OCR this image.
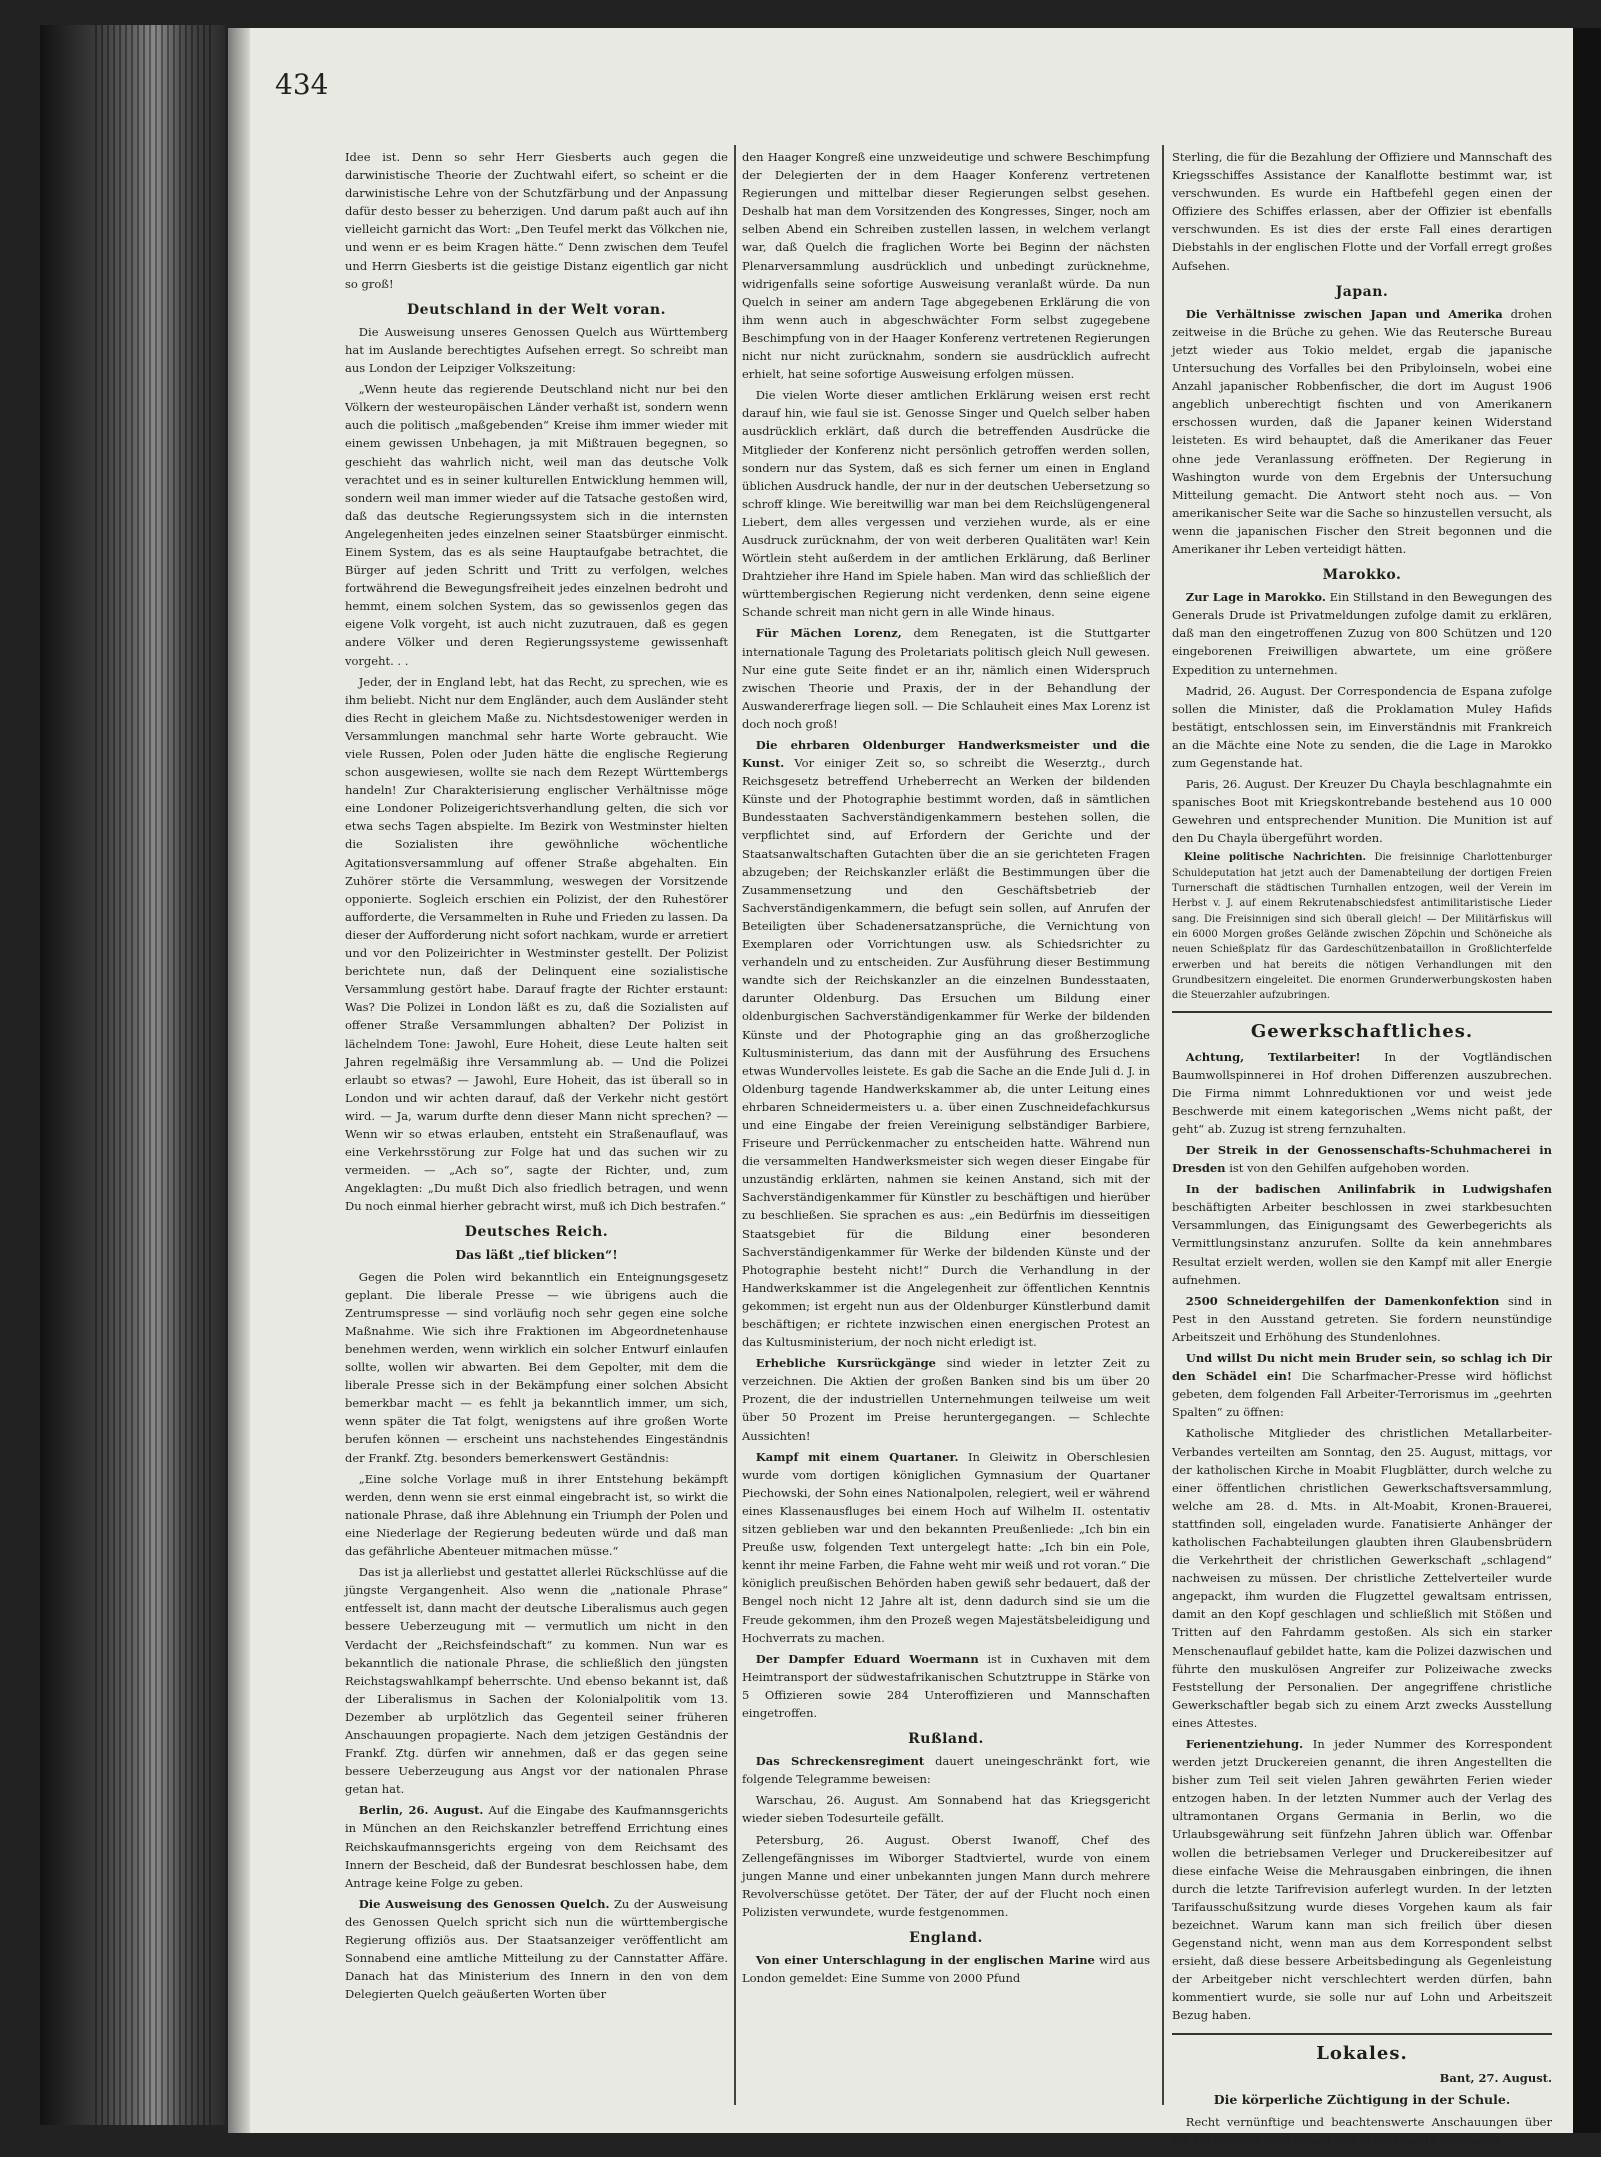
434

Idee ist. Denn so sehr Herr Giesberts auch gegen die darwinistische Theorie der Zuchtwahl eifert, so scheint er die darwinistische Lehre von der Schutzfärbung und der Anpassung dafür desto besser zu beherzigen. Und darum paßt auch auf ihn vielleicht garnicht das Wort: „Den Teufel merkt das Völkchen nie, und wenn er es beim Kragen hätte.“ Denn zwischen dem Teufel und Herrn Giesberts ist die geistige Distanz eigentlich gar nicht so groß!

Deutschland in der Welt voran.

Die Ausweisung unseres Genossen Quelch aus Württemberg hat im Auslande berechtigtes Aufsehen erregt. So schreibt man aus London der Leipziger Volkszeitung:

„Wenn heute das regierende Deutschland nicht nur bei den Völkern der westeuropäischen Länder verhaßt ist, sondern wenn auch die politisch „maßgebenden“ Kreise ihm immer wieder mit einem gewissen Unbehagen, ja mit Mißtrauen begegnen, so geschieht das wahrlich nicht, weil man das deutsche Volk verachtet und es in seiner kulturellen Entwicklung hemmen will, sondern weil man immer wieder auf die Tatsache gestoßen wird, daß das deutsche Regierungssystem sich in die internsten Angelegenheiten jedes einzelnen seiner Staatsbürger einmischt. Einem System, das es als seine Hauptaufgabe betrachtet, die Bürger auf jeden Schritt und Tritt zu verfolgen, welches fortwährend die Bewegungsfreiheit jedes einzelnen bedroht und hemmt, einem solchen System, das so gewissenlos gegen das eigene Volk vorgeht, ist auch nicht zuzutrauen, daß es gegen andere Völker und deren Regierungssysteme gewissenhaft vorgeht. . .

Jeder, der in England lebt, hat das Recht, zu sprechen, wie es ihm beliebt. Nicht nur dem Engländer, auch dem Ausländer steht dies Recht in gleichem Maße zu. Nichtsdestoweniger werden in Versammlungen manchmal sehr harte Worte gebraucht. Wie viele Russen, Polen oder Juden hätte die englische Regierung schon ausgewiesen, wollte sie nach dem Rezept Württembergs handeln! Zur Charakterisierung englischer Verhältnisse möge eine Londoner Polizeigerichtsverhandlung gelten, die sich vor etwa sechs Tagen abspielte. Im Bezirk von Westminster hielten die Sozialisten ihre gewöhnliche wöchentliche Agitationsversammlung auf offener Straße abgehalten. Ein Zuhörer störte die Versammlung, weswegen der Vorsitzende opponierte. Sogleich erschien ein Polizist, der den Ruhestörer aufforderte, die Versammelten in Ruhe und Frieden zu lassen. Da dieser der Aufforderung nicht sofort nachkam, wurde er arretiert und vor den Polizeirichter in Westminster gestellt. Der Polizist berichtete nun, daß der Delinquent eine sozialistische Versammlung gestört habe. Darauf fragte der Richter erstaunt: Was? Die Polizei in London läßt es zu, daß die Sozialisten auf offener Straße Versammlungen abhalten? Der Polizist in lächelndem Tone: Jawohl, Eure Hoheit, diese Leute halten seit Jahren regelmäßig ihre Versammlung ab. — Und die Polizei erlaubt so etwas? — Jawohl, Eure Hoheit, das ist überall so in London und wir achten darauf, daß der Verkehr nicht gestört wird. — Ja, warum durfte denn dieser Mann nicht sprechen? — Wenn wir so etwas erlauben, entsteht ein Straßenauflauf, was eine Verkehrsstörung zur Folge hat und das suchen wir zu vermeiden. — „Ach so“, sagte der Richter, und, zum Angeklagten: „Du mußt Dich also friedlich betragen, und wenn Du noch einmal hierher gebracht wirst, muß ich Dich bestrafen.“

Deutsches Reich.
Das läßt „tief blicken“!

Gegen die Polen wird bekanntlich ein Enteignungsgesetz geplant. Die liberale Presse — wie übrigens auch die Zentrumspresse — sind vorläufig noch sehr gegen eine solche Maßnahme. Wie sich ihre Fraktionen im Abgeordnetenhause benehmen werden, wenn wirklich ein solcher Entwurf einlaufen sollte, wollen wir abwarten. Bei dem Gepolter, mit dem die liberale Presse sich in der Bekämpfung einer solchen Absicht bemerkbar macht — es fehlt ja bekanntlich immer, um sich, wenn später die Tat folgt, wenigstens auf ihre großen Worte berufen können — erscheint uns nachstehendes Eingeständnis der Frankf. Ztg. besonders bemerkenswert Geständnis:

„Eine solche Vorlage muß in ihrer Entstehung bekämpft werden, denn wenn sie erst einmal eingebracht ist, so wirkt die nationale Phrase, daß ihre Ablehnung ein Triumph der Polen und eine Niederlage der Regierung bedeuten würde und daß man das gefährliche Abenteuer mitmachen müsse.“

Das ist ja allerliebst und gestattet allerlei Rückschlüsse auf die jüngste Vergangenheit. Also wenn die „nationale Phrase“ entfesselt ist, dann macht der deutsche Liberalismus auch gegen bessere Ueberzeugung mit — vermutlich um nicht in den Verdacht der „Reichsfeindschaft“ zu kommen. Nun war es bekanntlich die nationale Phrase, die schließlich den jüngsten Reichstagswahlkampf beherrschte. Und ebenso bekannt ist, daß der Liberalismus in Sachen der Kolonialpolitik vom 13. Dezember ab urplötzlich das Gegenteil seiner früheren Anschauungen propagierte. Nach dem jetzigen Geständnis der Frankf. Ztg. dürfen wir annehmen, daß er das gegen seine bessere Ueberzeugung aus Angst vor der nationalen Phrase getan hat.

Berlin, 26. August. Auf die Eingabe des Kaufmannsgerichts in München an den Reichskanzler betreffend Errichtung eines Reichskaufmannsgerichts ergeing von dem Reichsamt des Innern der Bescheid, daß der Bundesrat beschlossen habe, dem Antrage keine Folge zu geben.

Die Ausweisung des Genossen Quelch. Zu der Ausweisung des Genossen Quelch spricht sich nun die württembergische Regierung offiziös aus. Der Staatsanzeiger veröffentlicht am Sonnabend eine amtliche Mitteilung zu der Cannstatter Affäre. Danach hat das Ministerium des Innern in den von dem Delegierten Quelch geäußerten Worten über

den Haager Kongreß eine unzweideutige und schwere Beschimpfung der Delegierten der in dem Haager Konferenz vertretenen Regierungen und mittelbar dieser Regierungen selbst gesehen. Deshalb hat man dem Vorsitzenden des Kongresses, Singer, noch am selben Abend ein Schreiben zustellen lassen, in welchem verlangt war, daß Quelch die fraglichen Worte bei Beginn der nächsten Plenarversammlung ausdrücklich und unbedingt zurücknehme, widrigenfalls seine sofortige Ausweisung veranlaßt würde. Da nun Quelch in seiner am andern Tage abgegebenen Erklärung die von ihm wenn auch in abgeschwächter Form selbst zugegebene Beschimpfung von in der Haager Konferenz vertretenen Regierungen nicht nur nicht zurücknahm, sondern sie ausdrücklich aufrecht erhielt, hat seine sofortige Ausweisung erfolgen müssen.

Die vielen Worte dieser amtlichen Erklärung weisen erst recht darauf hin, wie faul sie ist. Genosse Singer und Quelch selber haben ausdrücklich erklärt, daß durch die betreffenden Ausdrücke die Mitglieder der Konferenz nicht persönlich getroffen werden sollen, sondern nur das System, daß es sich ferner um einen in England üblichen Ausdruck handle, der nur in der deutschen Uebersetzung so schroff klinge. Wie bereitwillig war man bei dem Reichslügengeneral Liebert, dem alles vergessen und verziehen wurde, als er eine Ausdruck zurücknahm, der von weit derberen Qualitäten war! Kein Wörtlein steht außerdem in der amtlichen Erklärung, daß Berliner Drahtzieher ihre Hand im Spiele haben. Man wird das schließlich der württembergischen Regierung nicht verdenken, denn seine eigene Schande schreit man nicht gern in alle Winde hinaus.

Für Mächen Lorenz, dem Renegaten, ist die Stuttgarter internationale Tagung des Proletariats politisch gleich Null gewesen. Nur eine gute Seite findet er an ihr, nämlich einen Widerspruch zwischen Theorie und Praxis, der in der Behandlung der Auswandererfrage liegen soll. — Die Schlauheit eines Max Lorenz ist doch noch groß!

Die ehrbaren Oldenburger Handwerksmeister und die Kunst. Vor einiger Zeit so, so schreibt die Weserztg., durch Reichsgesetz betreffend Urheberrecht an Werken der bildenden Künste und der Photographie bestimmt worden, daß in sämtlichen Bundesstaaten Sachverständigenkammern bestehen sollen, die verpflichtet sind, auf Erfordern der Gerichte und der Staatsanwaltschaften Gutachten über die an sie gerichteten Fragen abzugeben; der Reichskanzler erläßt die Bestimmungen über die Zusammensetzung und den Geschäftsbetrieb der Sachverständigenkammern, die befugt sein sollen, auf Anrufen der Beteiligten über Schadenersatzansprüche, die Vernichtung von Exemplaren oder Vorrichtungen usw. als Schiedsrichter zu verhandeln und zu entscheiden. Zur Ausführung dieser Bestimmung wandte sich der Reichskanzler an die einzelnen Bundesstaaten, darunter Oldenburg. Das Ersuchen um Bildung einer oldenburgischen Sachverständigenkammer für Werke der bildenden Künste und der Photographie ging an das großherzogliche Kultusministerium, das dann mit der Ausführung des Ersuchens etwas Wundervolles leistete. Es gab die Sache an die Ende Juli d. J. in Oldenburg tagende Handwerkskammer ab, die unter Leitung eines ehrbaren Schneidermeisters u. a. über einen Zuschneidefachkursus und eine Eingabe der freien Vereinigung selbständiger Barbiere, Friseure und Perrückenmacher zu entscheiden hatte. Während nun die versammelten Handwerksmeister sich wegen dieser Eingabe für unzuständig erklärten, nahmen sie keinen Anstand, sich mit der Sachverständigenkammer für Künstler zu beschäftigen und hierüber zu beschließen. Sie sprachen es aus: „ein Bedürfnis im diesseitigen Staatsgebiet für die Bildung einer besonderen Sachverständigenkammer für Werke der bildenden Künste und der Photographie besteht nicht!“ Durch die Verhandlung in der Handwerkskammer ist die Angelegenheit zur öffentlichen Kenntnis gekommen; ist ergeht nun aus der Oldenburger Künstlerbund damit beschäftigen; er richtete inzwischen einen energischen Protest an das Kultusministerium, der noch nicht erledigt ist.

Erhebliche Kursrückgänge sind wieder in letzter Zeit zu verzeichnen. Die Aktien der großen Banken sind bis um über 20 Prozent, die der industriellen Unternehmungen teilweise um weit über 50 Prozent im Preise heruntergegangen. — Schlechte Aussichten!

Kampf mit einem Quartaner. In Gleiwitz in Oberschlesien wurde vom dortigen königlichen Gymnasium der Quartaner Piechowski, der Sohn eines Nationalpolen, relegiert, weil er während eines Klassenausfluges bei einem Hoch auf Wilhelm II. ostentativ sitzen geblieben war und den bekannten Preußenliede: „Ich bin ein Preuße usw, folgenden Text untergelegt hatte: „Ich bin ein Pole, kennt ihr meine Farben, die Fahne weht mir weiß und rot voran.“ Die königlich preußischen Behörden haben gewiß sehr bedauert, daß der Bengel noch nicht 12 Jahre alt ist, denn dadurch sind sie um die Freude gekommen, ihm den Prozeß wegen Majestätsbeleidigung und Hochverrats zu machen.

Der Dampfer Eduard Woermann ist in Cuxhaven mit dem Heimtransport der südwestafrikanischen Schutztruppe in Stärke von 5 Offizieren sowie 284 Unteroffizieren und Mannschaften eingetroffen.

Rußland.

Das Schreckensregiment dauert uneingeschränkt fort, wie folgende Telegramme beweisen:

Warschau, 26. August. Am Sonnabend hat das Kriegsgericht wieder sieben Todesurteile gefällt.

Petersburg, 26. August. Oberst Iwanoff, Chef des Zellengefängnisses im Wiborger Stadtviertel, wurde von einem jungen Manne und einer unbekannten jungen Mann durch mehrere Revolverschüsse getötet. Der Täter, der auf der Flucht noch einen Polizisten verwundete, wurde festgenommen.

England.

Von einer Unterschlagung in der englischen Marine wird aus London gemeldet: Eine Summe von 2000 Pfund

Sterling, die für die Bezahlung der Offiziere und Mannschaft des Kriegsschiffes Assistance der Kanalflotte bestimmt war, ist verschwunden. Es wurde ein Haftbefehl gegen einen der Offiziere des Schiffes erlassen, aber der Offizier ist ebenfalls verschwunden. Es ist dies der erste Fall eines derartigen Diebstahls in der englischen Flotte und der Vorfall erregt großes Aufsehen.

Japan.

Die Verhältnisse zwischen Japan und Amerika drohen zeitweise in die Brüche zu gehen. Wie das Reutersche Bureau jetzt wieder aus Tokio meldet, ergab die japanische Untersuchung des Vorfalles bei den Pribyloinseln, wobei eine Anzahl japanischer Robbenfischer, die dort im August 1906 angeblich unberechtigt fischten und von Amerikanern erschossen wurden, daß die Japaner keinen Widerstand leisteten. Es wird behauptet, daß die Amerikaner das Feuer ohne jede Veranlassung eröffneten. Der Regierung in Washington wurde von dem Ergebnis der Untersuchung Mitteilung gemacht. Die Antwort steht noch aus. — Von amerikanischer Seite war die Sache so hinzustellen versucht, als wenn die japanischen Fischer den Streit begonnen und die Amerikaner ihr Leben verteidigt hätten.

Marokko.

Zur Lage in Marokko. Ein Stillstand in den Bewegungen des Generals Drude ist Privatmeldungen zufolge damit zu erklären, daß man den eingetroffenen Zuzug von 800 Schützen und 120 eingeborenen Freiwilligen abwartete, um eine größere Expedition zu unternehmen.

Madrid, 26. August. Der Correspondencia de Espana zufolge sollen die Minister, daß die Proklamation Muley Hafids bestätigt, entschlossen sein, im Einverständnis mit Frankreich an die Mächte eine Note zu senden, die die Lage in Marokko zum Gegenstande hat.

Paris, 26. August. Der Kreuzer Du Chayla beschlagnahmte ein spanisches Boot mit Kriegskontrebande bestehend aus 10 000 Gewehren und entsprechender Munition. Die Munition ist auf den Du Chayla übergeführt worden.

Kleine politische Nachrichten. Die freisinnige Charlottenburger Schuldeputation hat jetzt auch der Damenabteilung der dortigen Freien Turnerschaft die städtischen Turnhallen entzogen, weil der Verein im Herbst v. J. auf einem Rekrutenabschiedsfest antimilitaristische Lieder sang. Die Freisinnigen sind sich überall gleich! — Der Militärfiskus will ein 6000 Morgen großes Gelände zwischen Zöpchin und Schöneiche als neuen Schießplatz für das Gardeschützenbataillon in Großlichterfelde erwerben und hat bereits die nötigen Verhandlungen mit den Grundbesitzern eingeleitet. Die enormen Grunderwerbungskosten haben die Steuerzahler aufzubringen.

Gewerkschaftliches.

Achtung, Textilarbeiter! In der Vogtländischen Baumwollspinnerei in Hof drohen Differenzen auszubrechen. Die Firma nimmt Lohnreduktionen vor und weist jede Beschwerde mit einem kategorischen „Wems nicht paßt, der geht“ ab. Zuzug ist streng fernzuhalten.

Der Streik in der Genossenschafts-Schuhmacherei in Dresden ist von den Gehilfen aufgehoben worden.

In der badischen Anilinfabrik in Ludwigshafen beschäftigten Arbeiter beschlossen in zwei starkbesuchten Versammlungen, das Einigungsamt des Gewerbegerichts als Vermittlungsinstanz anzurufen. Sollte da kein annehmbares Resultat erzielt werden, wollen sie den Kampf mit aller Energie aufnehmen.

2500 Schneidergehilfen der Damenkonfektion sind in Pest in den Ausstand getreten. Sie fordern neunstündige Arbeitszeit und Erhöhung des Stundenlohnes.

Und willst Du nicht mein Bruder sein, so schlag ich Dir den Schädel ein! Die Scharfmacher-Presse wird höflichst gebeten, dem folgenden Fall Arbeiter-Terrorismus im „geehrten Spalten“ zu öffnen:

Katholische Mitglieder des christlichen Metallarbeiter-Verbandes verteilten am Sonntag, den 25. August, mittags, vor der katholischen Kirche in Moabit Flugblätter, durch welche zu einer öffentlichen christlichen Gewerkschaftsversammlung, welche am 28. d. Mts. in Alt-Moabit, Kronen-Brauerei, stattfinden soll, eingeladen wurde. Fanatisierte Anhänger der katholischen Fachabteilungen glaubten ihren Glaubensbrüdern die Verkehrtheit der christlichen Gewerkschaft „schlagend“ nachweisen zu müssen. Der christliche Zettelverteiler wurde angepackt, ihm wurden die Flugzettel gewaltsam entrissen, damit an den Kopf geschlagen und schließlich mit Stößen und Tritten auf den Fahrdamm gestoßen. Als sich ein starker Menschenauflauf gebildet hatte, kam die Polizei dazwischen und führte den muskulösen Angreifer zur Polizeiwache zwecks Feststellung der Personalien. Der angegriffene christliche Gewerkschaftler begab sich zu einem Arzt zwecks Ausstellung eines Attestes.

Ferienentziehung. In jeder Nummer des Korrespondent werden jetzt Druckereien genannt, die ihren Angestellten die bisher zum Teil seit vielen Jahren gewährten Ferien wieder entzogen haben. In der letzten Nummer auch der Verlag des ultramontanen Organs Germania in Berlin, wo die Urlaubsgewährung seit fünfzehn Jahren üblich war. Offenbar wollen die betriebsamen Verleger und Druckereibesitzer auf diese einfache Weise die Mehrausgaben einbringen, die ihnen durch die letzte Tarifrevision auferlegt wurden. In der letzten Tarifausschußsitzung wurde dieses Vorgehen kaum als fair bezeichnet. Warum kann man sich freilich über diesen Gegenstand nicht, wenn man aus dem Korrespondent selbst ersieht, daß diese bessere Arbeitsbedingung als Gegenleistung der Arbeitgeber nicht verschlechtert werden dürfen, bahn kommentiert wurde, sie solle nur auf Lohn und Arbeitszeit Bezug haben.

Lokales.
Bant, 27. August.
Die körperliche Züchtigung in der Schule.

Recht vernünftige und beachtenswerte Anschauungen über die körperliche Züchtigung von Schulkindern werden in
